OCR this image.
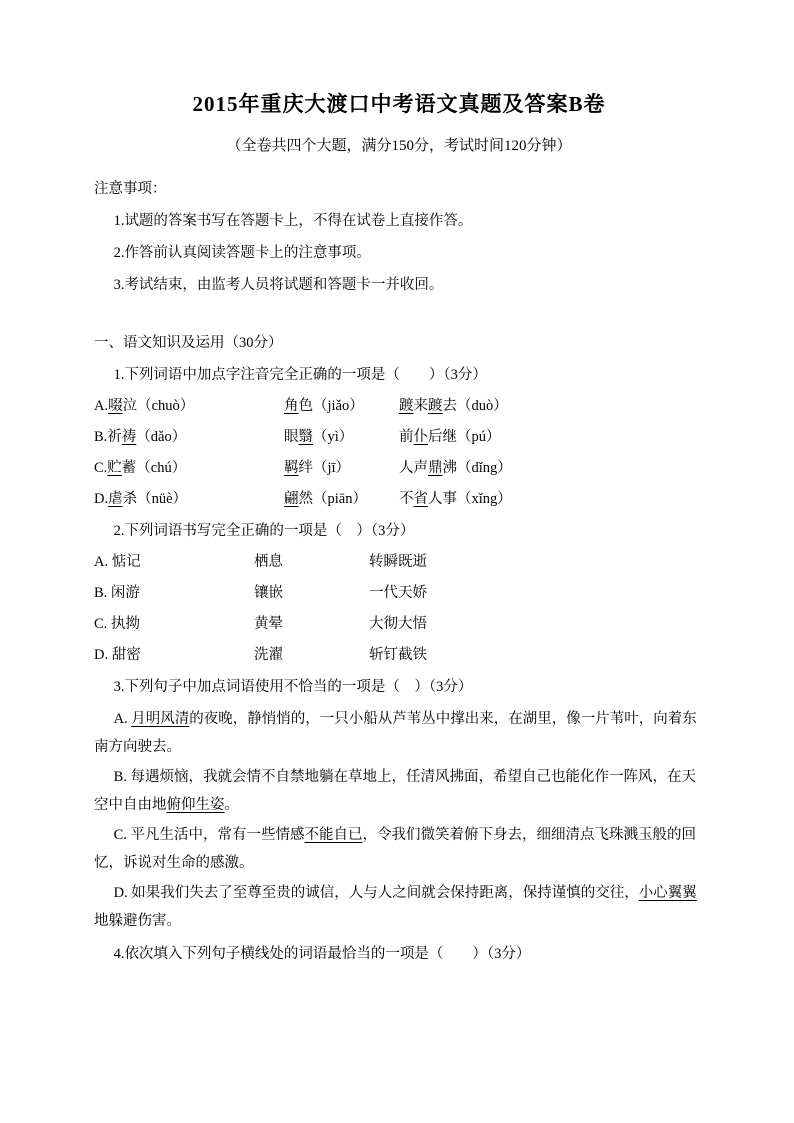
2015年重庆大渡口中考语文真题及答案B卷
（全卷共四个大题，满分150分，考试时间120分钟）
注意事项：
1.试题的答案书写在答题卡上，不得在试卷上直接作答。
2.作答前认真阅读答题卡上的注意事项。
3.考试结束，由监考人员将试题和答题卡一并收回。
一、语文知识及运用（30分）
1.下列词语中加点字注音完全正确的一项是（　　）（3分）
A.啜泣（chuò）	角色（jiǎo）	踱来踱去（duò）
B.祈祷（dǎo）	眼翳（yì）	前仆后继（pú）
C.贮蓄（chú）	羁绊（jī）	人声鼎沸（dǐng）
D.虐杀（nüè）	翩然（piān）	不省人事（xǐng）
2.下列词语书写完全正确的一项是（　）（3分）
A. 惦记	栖息	转瞬既逝
B. 闲游	镶嵌	一代天娇
C. 执拗	黄晕	大彻大悟
D. 甜密	洗濯	斩钉截铁
3.下列句子中加点词语使用不恰当的一项是（　）（3分）
A. 月明风清的夜晚，静悄悄的，一只小船从芦苇丛中撑出来，在湖里，像一片苇叶，向着东南方向驶去。
B. 每遇烦恼，我就会情不自禁地躺在草地上，任清风拂面，希望自己也能化作一阵风，在天空中自由地俯仰生姿。
C. 平凡生活中，常有一些情感不能自已，令我们微笑着俯下身去，细细清点飞珠溅玉般的回忆，诉说对生命的感激。
D. 如果我们失去了至尊至贵的诚信，人与人之间就会保持距离，保持谨慎的交往，小心翼翼地躲避伤害。
4.依次填入下列句子横线处的词语最恰当的一项是（　　）（3分）
